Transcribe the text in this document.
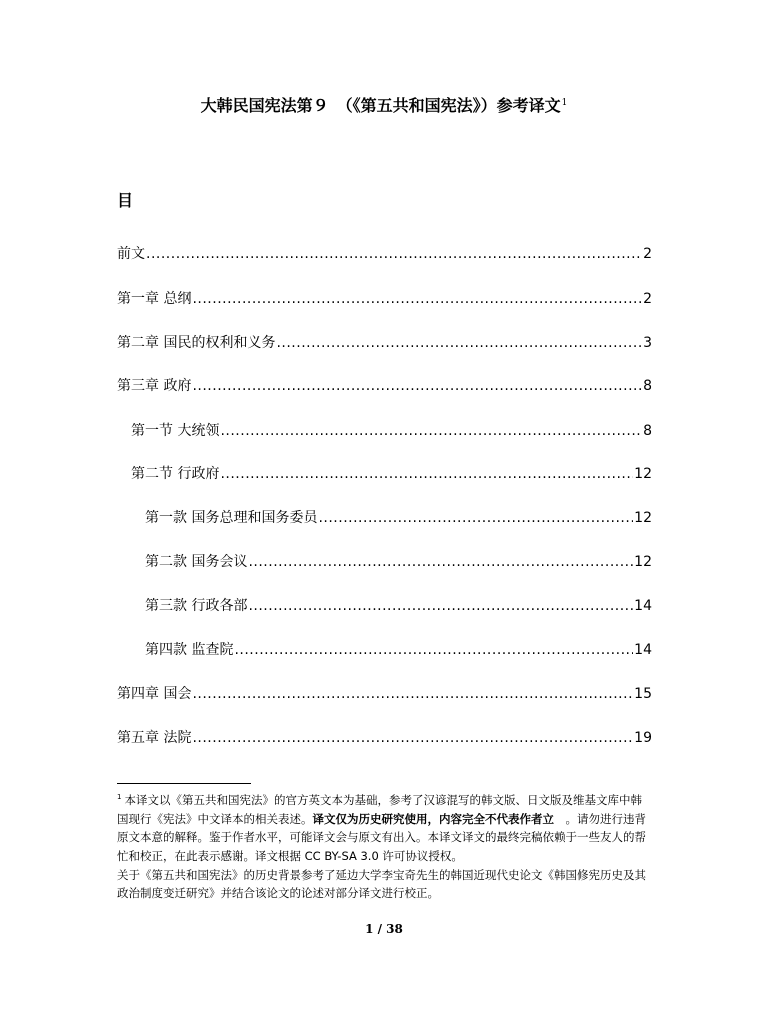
大韩民国宪法第９　（《第五共和国宪法》）参考译文$^1$
目
前文 .....	2
第一章 总纲 .....	2
第二章 国民的权利和义务 .....	3
第三章 政府 .....	8
第一节 大统领 .....	8
第二节 行政府 .....	12
第一款 国务总理和国务委员 .....	12
第二款 国务会议 .....	12
第三款 行政各部 .....	14
第四款 监查院 .....	14
第四章 国会 .....	15
第五章 法院 .....	19

$^1$ 本译文以《第五共和国宪法》的官方英文本为基础，参考了汉谚混写的韩文版、日文版及维基文库中韩国现行《宪法》中文译本的相关表述。译文仅为历史研究使用，内容完全不代表作者立　。请勿进行违背原文本意的解释。鉴于作者水平，可能译文会与原文有出入。本译文译文的最终完稿依赖于一些友人的帮忙和校正，在此表示感谢。译文根据 CC BY-SA 3.0 许可协议授权。

关于《第五共和国宪法》的历史背景参考了延边大学李宝奇先生的韩国近现代史论文《韩国修宪历史及其政治制度变迁研究》并结合该论文的论述对部分译文进行校正。

1 / 38
